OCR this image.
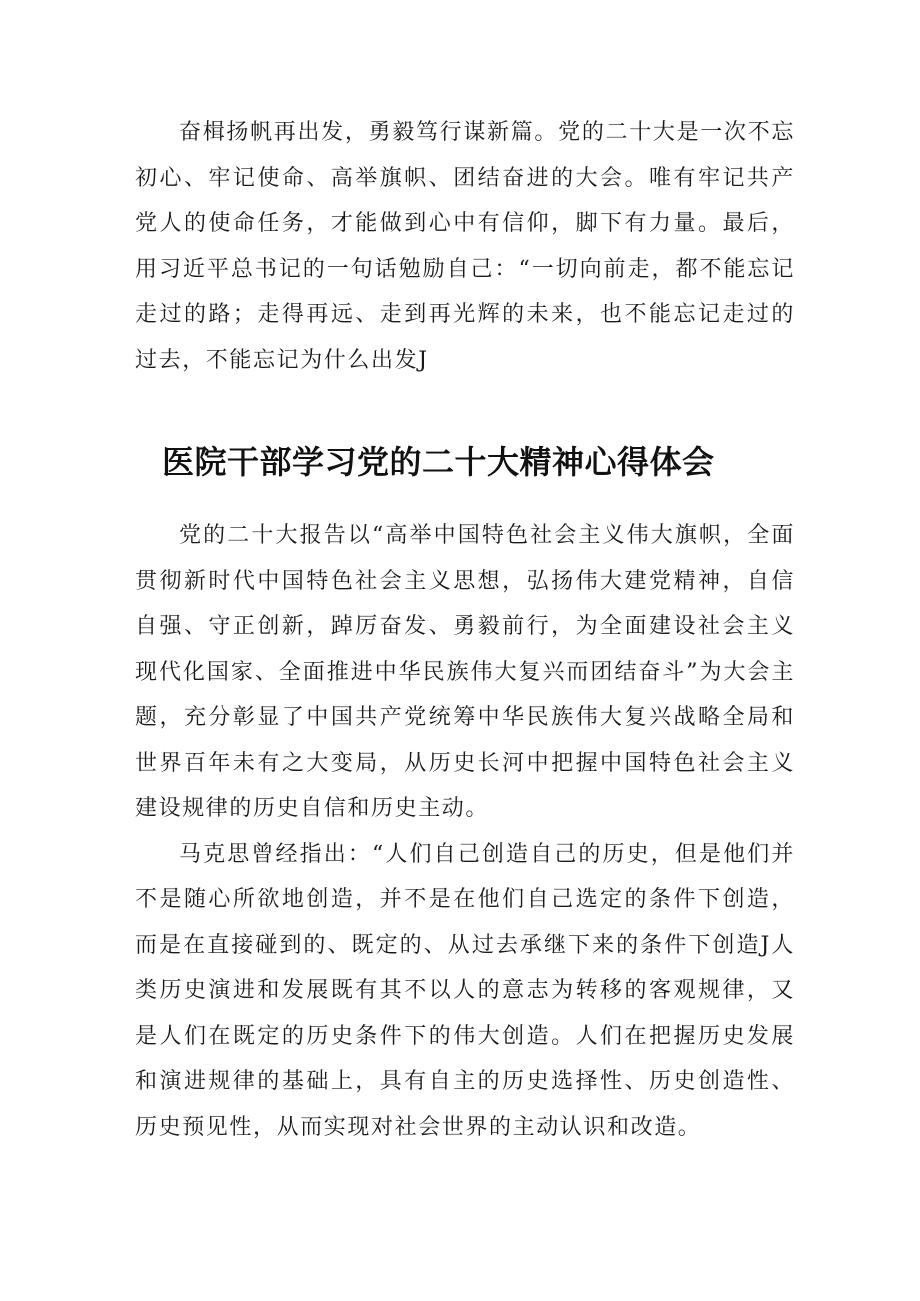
奋楫扬帆再出发，勇毅笃行谋新篇。党的二十大是一次不忘初心、牢记使命、高举旗帜、团结奋进的大会。唯有牢记共产党人的使命任务，才能做到心中有信仰，脚下有力量。最后，用习近平总书记的一句话勉励自己：“一切向前走，都不能忘记走过的路；走得再远、走到再光辉的未来，也不能忘记走过的过去，不能忘记为什么出发J

医院干部学习党的二十大精神心得体会

党的二十大报告以“高举中国特色社会主义伟大旗帜，全面贯彻新时代中国特色社会主义思想，弘扬伟大建党精神，自信自强、守正创新，踔厉奋发、勇毅前行，为全面建设社会主义现代化国家、全面推进中华民族伟大复兴而团结奋斗”为大会主题，充分彰显了中国共产党统筹中华民族伟大复兴战略全局和世界百年未有之大变局，从历史长河中把握中国特色社会主义建设规律的历史自信和历史主动。

马克思曾经指出：“人们自己创造自己的历史，但是他们并不是随心所欲地创造，并不是在他们自己选定的条件下创造，而是在直接碰到的、既定的、从过去承继下来的条件下创造J人类历史演进和发展既有其不以人的意志为转移的客观规律，又是人们在既定的历史条件下的伟大创造。人们在把握历史发展和演进规律的基础上，具有自主的历史选择性、历史创造性、历史预见性，从而实现对社会世界的主动认识和改造。
